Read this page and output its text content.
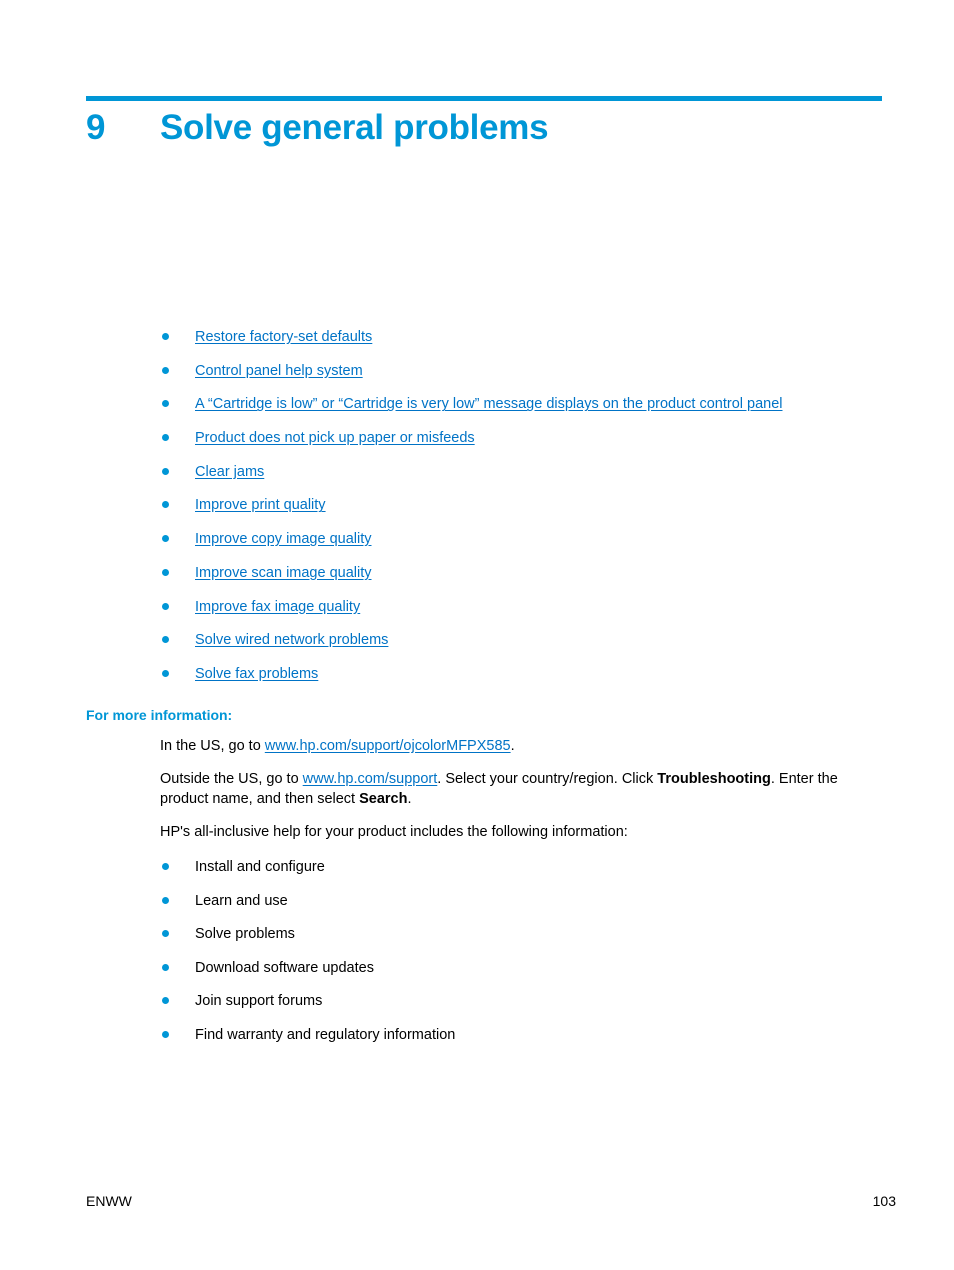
9	Solve general problems
Restore factory-set defaults
Control panel help system
A “Cartridge is low” or “Cartridge is very low” message displays on the product control panel
Product does not pick up paper or misfeeds
Clear jams
Improve print quality
Improve copy image quality
Improve scan image quality
Improve fax image quality
Solve wired network problems
Solve fax problems
For more information:

In the US, go to www.hp.com/support/ojcolorMFPX585.

Outside the US, go to www.hp.com/support. Select your country/region. Click Troubleshooting. Enter the product name, and then select Search.

HP's all-inclusive help for your product includes the following information:

Install and configure
Learn and use
Solve problems
Download software updates
Join support forums
Find warranty and regulatory information
ENWW	103
